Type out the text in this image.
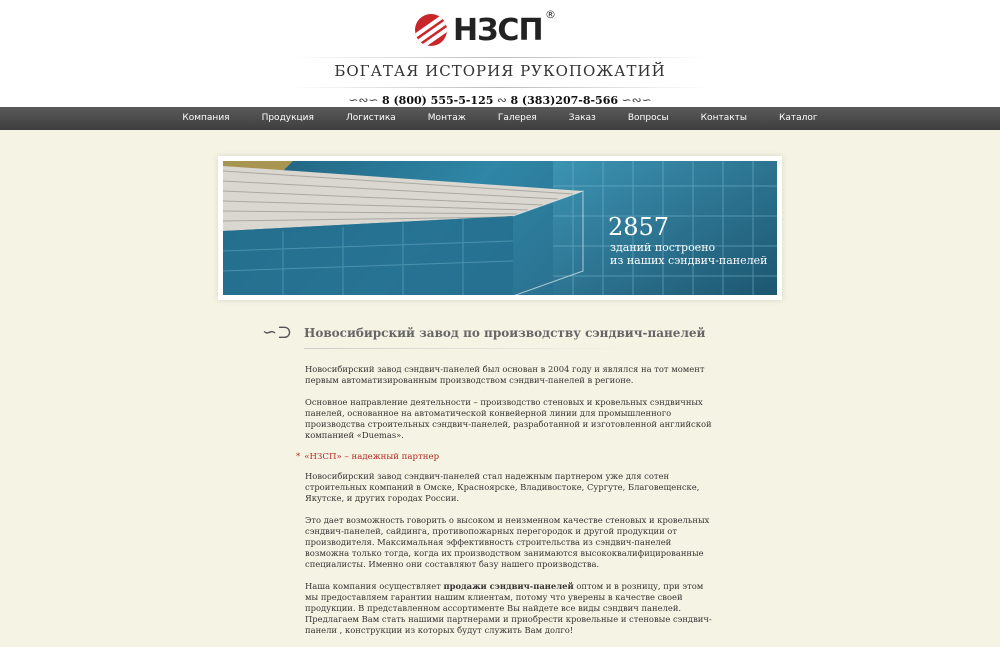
НЗСП ®
БОГАТАЯ ИСТОРИЯ РУКОПОЖАТИЙ
∽∾∽ 8 (800) 555-5-125 ∾ 8 (383)207-8-566 ∽∾∽
Компания	Продукция	Логистика	Монтаж	Галерея	Заказ	Вопросы	Контакты	Каталог
2857
зданий построено
из наших сэндвич-панелей
∽⊃ Новосибирский завод по производству сэндвич-панелей

Новосибирский завод сэндвич-панелей был основан в 2004 году и являлся на тот момент первым автоматизированным производством сэндвич-панелей в регионе.

Основное направление деятельности – производство стеновых и кровельных сэндвичных панелей, основанное на автоматической конвейерной линии для промышленного производства строительных сэндвич-панелей, разработанной и изготовленной английской компанией «Duemas».

* «НЗСП» – надежный партнер

Новосибирский завод сэндвич-панелей стал надежным партнером уже для сотен строительных компаний в Омске, Красноярске, Владивостоке, Сургуте, Благовещенске, Якутске, и других городах России.

Это дает возможность говорить о высоком и неизменном качестве стеновых и кровельных сэндвич-панелей, сайдинга, противопожарных перегородок и другой продукции от производителя. Максимальная эффективность строительства из сэндвич-панелей возможна только тогда, когда их производством занимаются высококвалифицированные специалисты. Именно они составляют базу нашего производства.

Наша компания осуществляет продажи сэндвич-панелей оптом и в розницу, при этом мы предоставляем гарантии нашим клиентам, потому что уверены в качестве своей продукции. В представленном ассортименте Вы найдете все виды сэндвич панелей. Предлагаем Вам стать нашими партнерами и приобрести кровельные и стеновые сэндвич-панели , конструкции из которых будут служить Вам долго!
